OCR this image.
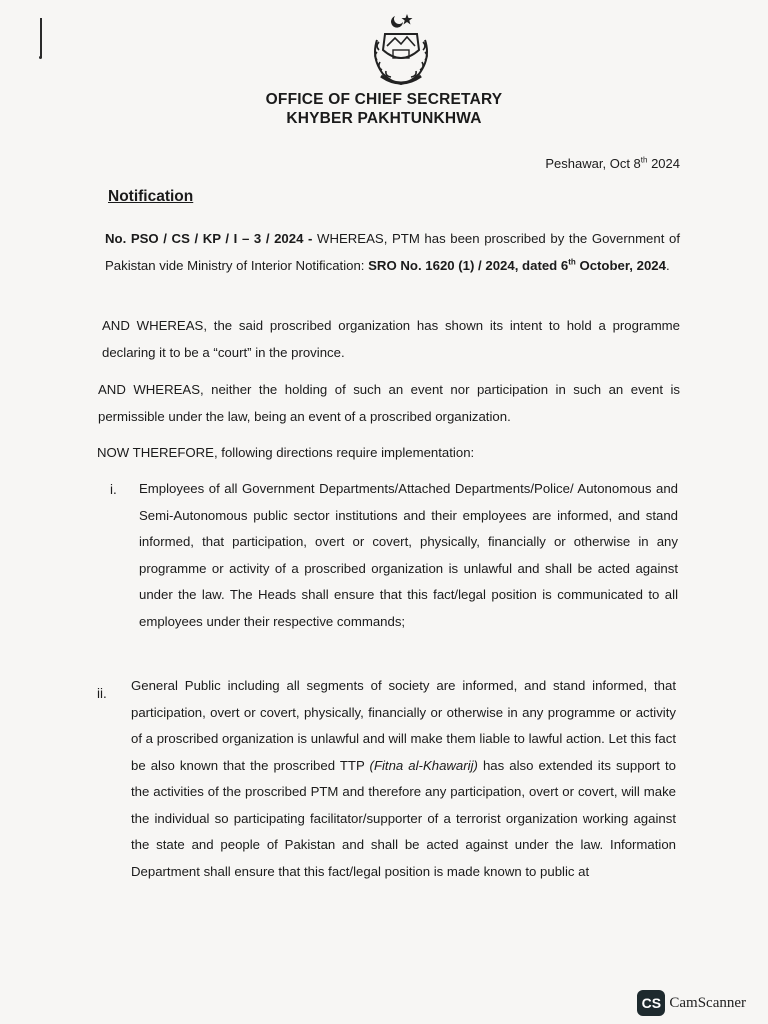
OFFICE OF CHIEF SECRETARY
KHYBER PAKHTUNKHWA
Peshawar, Oct 8th 2024
Notification
No. PSO / CS / KP / I – 3 / 2024 - WHEREAS, PTM has been proscribed by the Government of Pakistan vide Ministry of Interior Notification: SRO No. 1620 (1) / 2024, dated 6th October, 2024.
AND WHEREAS, the said proscribed organization has shown its intent to hold a programme declaring it to be a “court” in the province.
AND WHEREAS, neither the holding of such an event nor participation in such an event is permissible under the law, being an event of a proscribed organization.
NOW THEREFORE, following directions require implementation:
i. Employees of all Government Departments/Attached Departments/Police/ Autonomous and Semi-Autonomous public sector institutions and their employees are informed, and stand informed, that participation, overt or covert, physically, financially or otherwise in any programme or activity of a proscribed organization is unlawful and shall be acted against under the law. The Heads shall ensure that this fact/legal position is communicated to all employees under their respective commands;
ii.
General Public including all segments of society are informed, and stand informed, that participation, overt or covert, physically, financially or otherwise in any programme or activity of a proscribed organization is unlawful and will make them liable to lawful action. Let this fact be also known that the proscribed TTP (Fitna al-Khawarij) has also extended its support to the activities of the proscribed PTM and therefore any participation, overt or covert, will make the individual so participating facilitator/supporter of a terrorist organization working against the state and people of Pakistan and shall be acted against under the law. Information Department shall ensure that this fact/legal position is made known to public at
CS CamScanner
